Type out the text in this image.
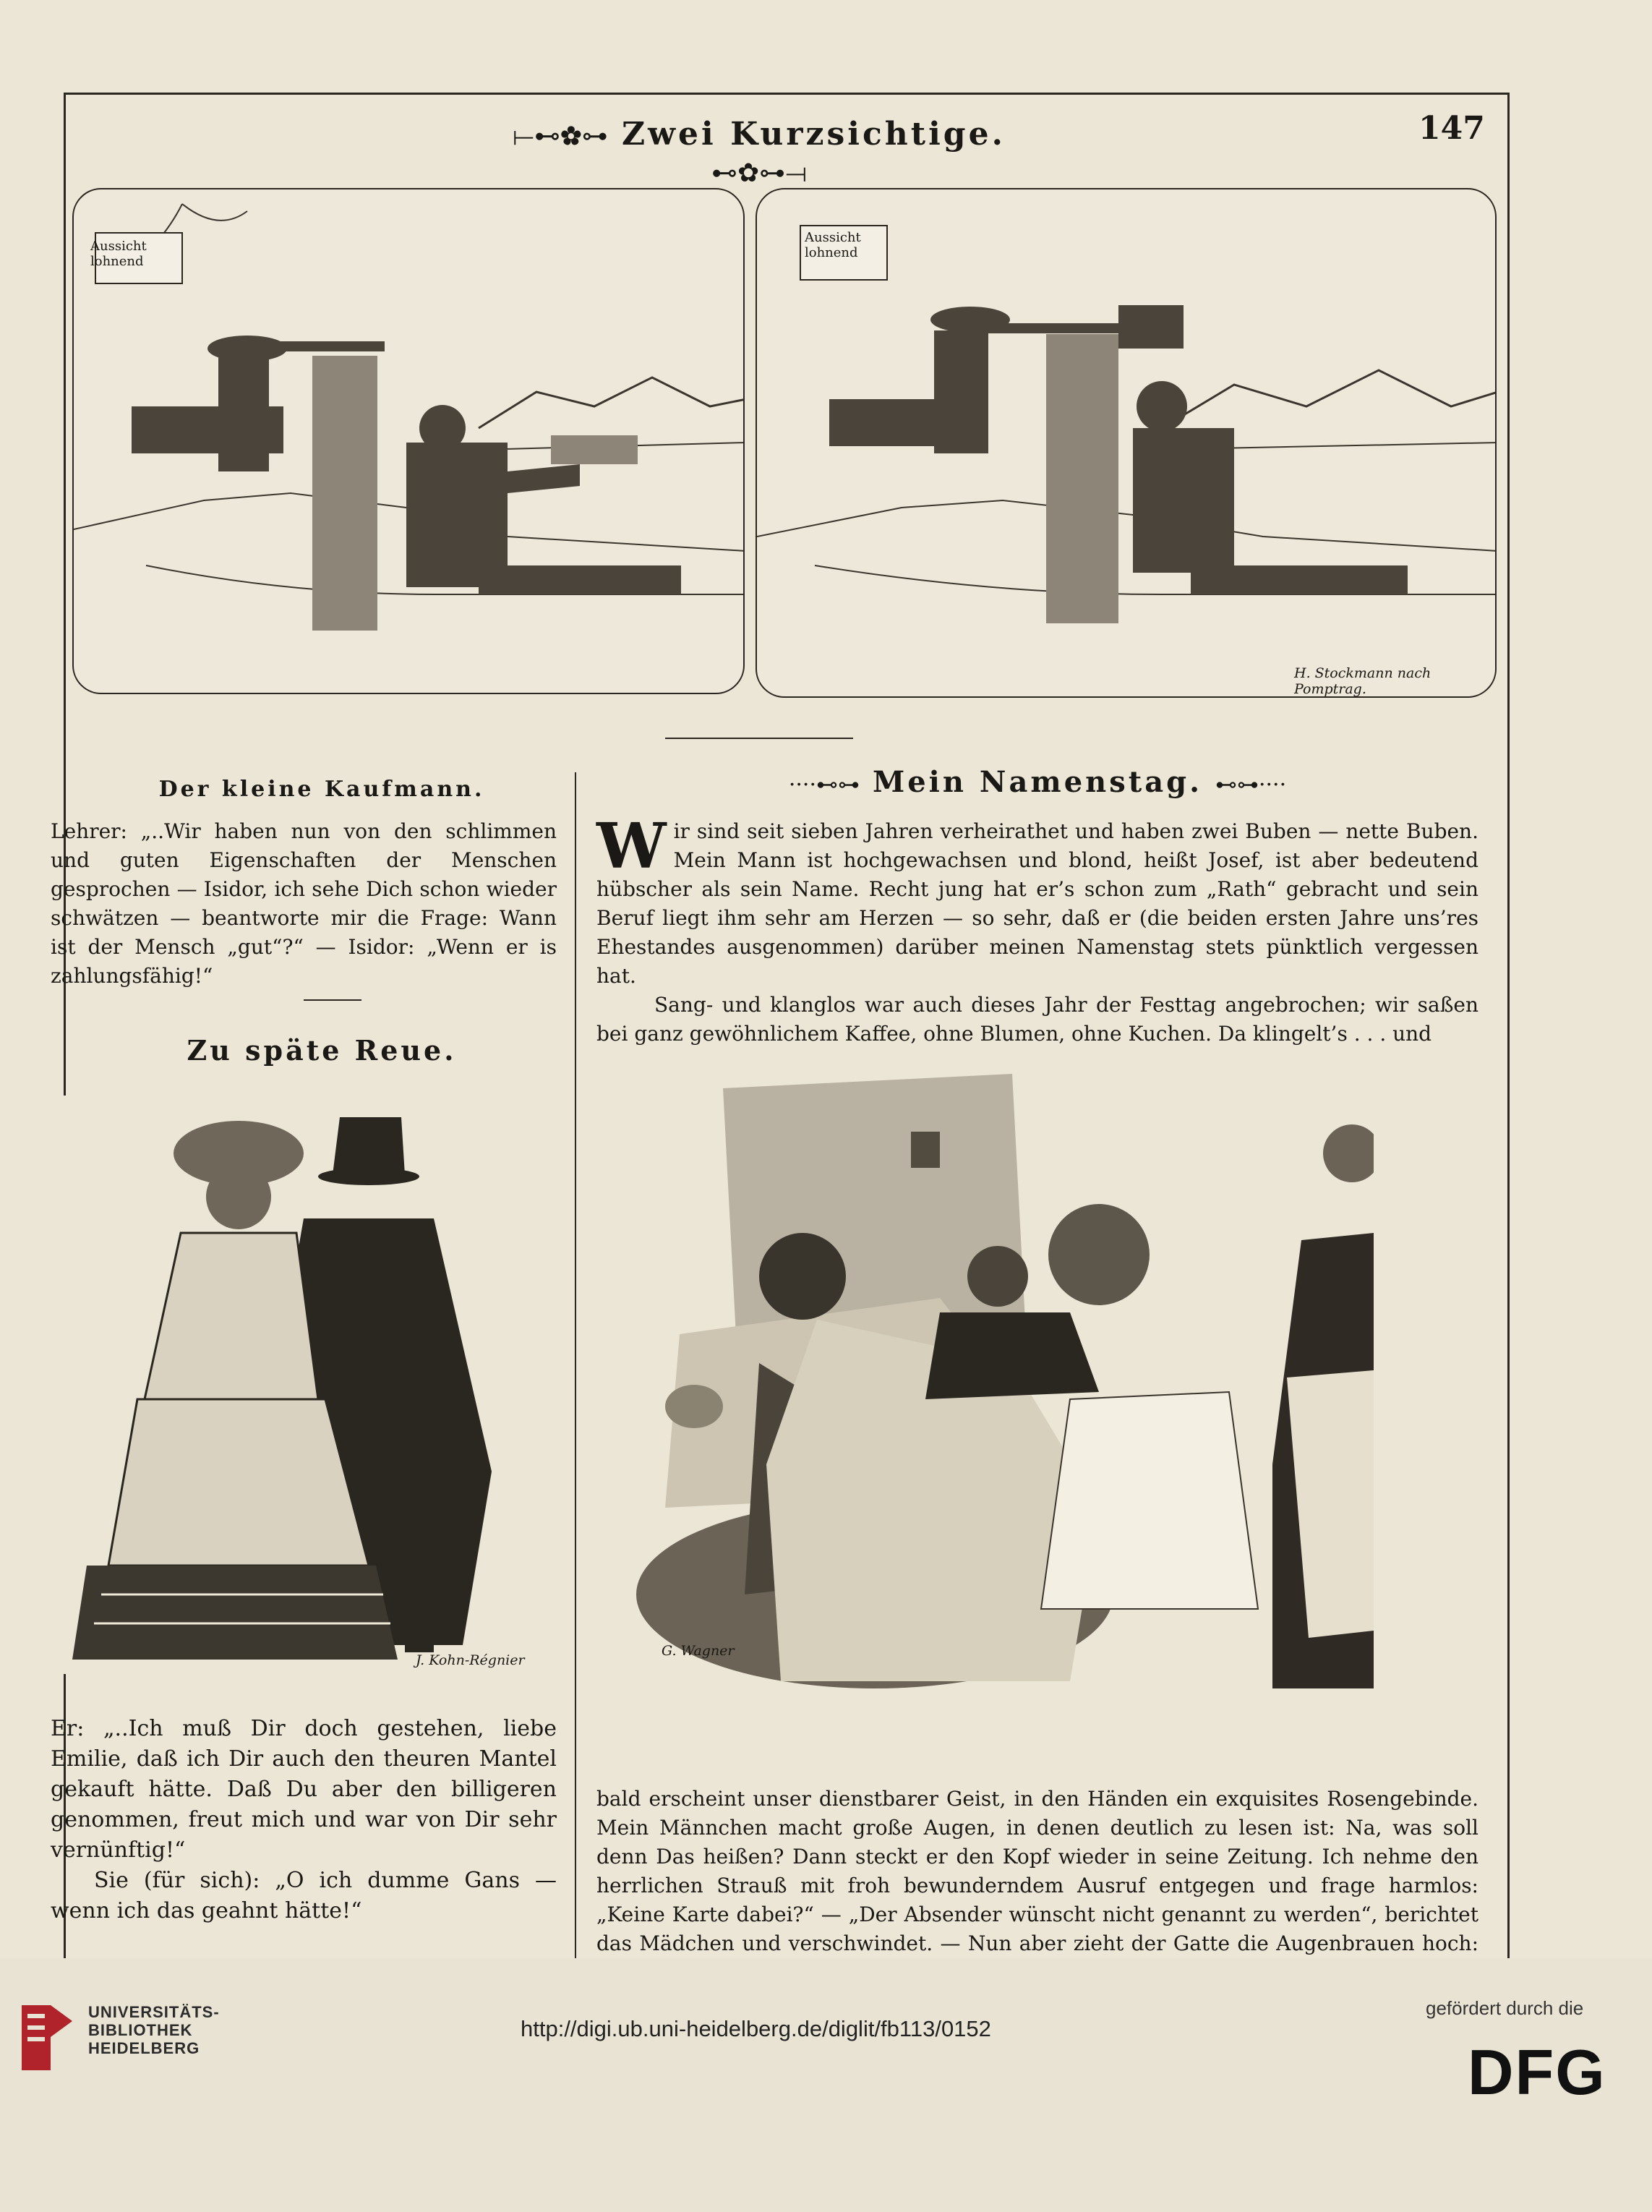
⟝⊷✿⊶ Zwei Kurzsichtige. ⊷✿⊶⟞
147
Aussicht lohnend
Aussicht lohnend
H. Stockmann nach Pomptrag.
Der kleine Kaufmann.

Lehrer: „..Wir haben nun von den schlimmen und guten Eigenschaften der Menschen gesprochen — Isidor, ich sehe Dich schon wieder schwätzen — beantworte mir die Frage: Wann ist der Mensch „gut“?“ — Isidor: „Wenn er is zahlungsfähig!“

Zu späte Reue.
J. Kohn-Régnier

Er: „..Ich muß Dir doch gestehen, liebe Emilie, daß ich Dir auch den theuren Mantel gekauft hätte. Daß Du aber den billigeren genommen, freut mich und war von Dir sehr vernünftig!“

Sie (für sich): „O ich dumme Gans — wenn ich das geahnt hätte!“

····⊷⊶ Mein Namenstag. ⊷⊶····

W ir sind seit sieben Jahren verheirathet und haben zwei Buben — nette Buben. Mein Mann ist hochgewachsen und blond, heißt Josef, ist aber bedeutend hübscher als sein Name. Recht jung hat er’s schon zum „Rath“ gebracht und sein Beruf liegt ihm sehr am Herzen — so sehr, daß er (die beiden ersten Jahre uns’res Ehestandes ausgenommen) darüber meinen Namenstag stets pünktlich vergessen hat.

Sang- und klanglos war auch dieses Jahr der Festtag angebrochen; wir saßen bei ganz gewöhnlichem Kaffee, ohne Blumen, ohne Kuchen. Da klingelt’s . . . und

G. Wagner

bald erscheint unser dienstbarer Geist, in den Händen ein exquisites Rosengebinde. Mein Männchen macht große Augen, in denen deutlich zu lesen ist: Na, was soll denn Das heißen? Dann steckt er den Kopf wieder in seine Zeitung. Ich nehme den herrlichen Strauß mit froh bewunderndem Ausruf entgegen und frage harmlos: „Keine Karte dabei?“ — „Der Absender wünscht nicht genannt zu werden“, berichtet das Mädchen und verschwindet. — Nun aber zieht der Gatte die Augenbrauen hoch:

UNIVERSITÄTS-
BIBLIOTHEK
HEIDELBERG
http://digi.ub.uni-heidelberg.de/diglit/fb113/0152
gefördert durch die
DFG
